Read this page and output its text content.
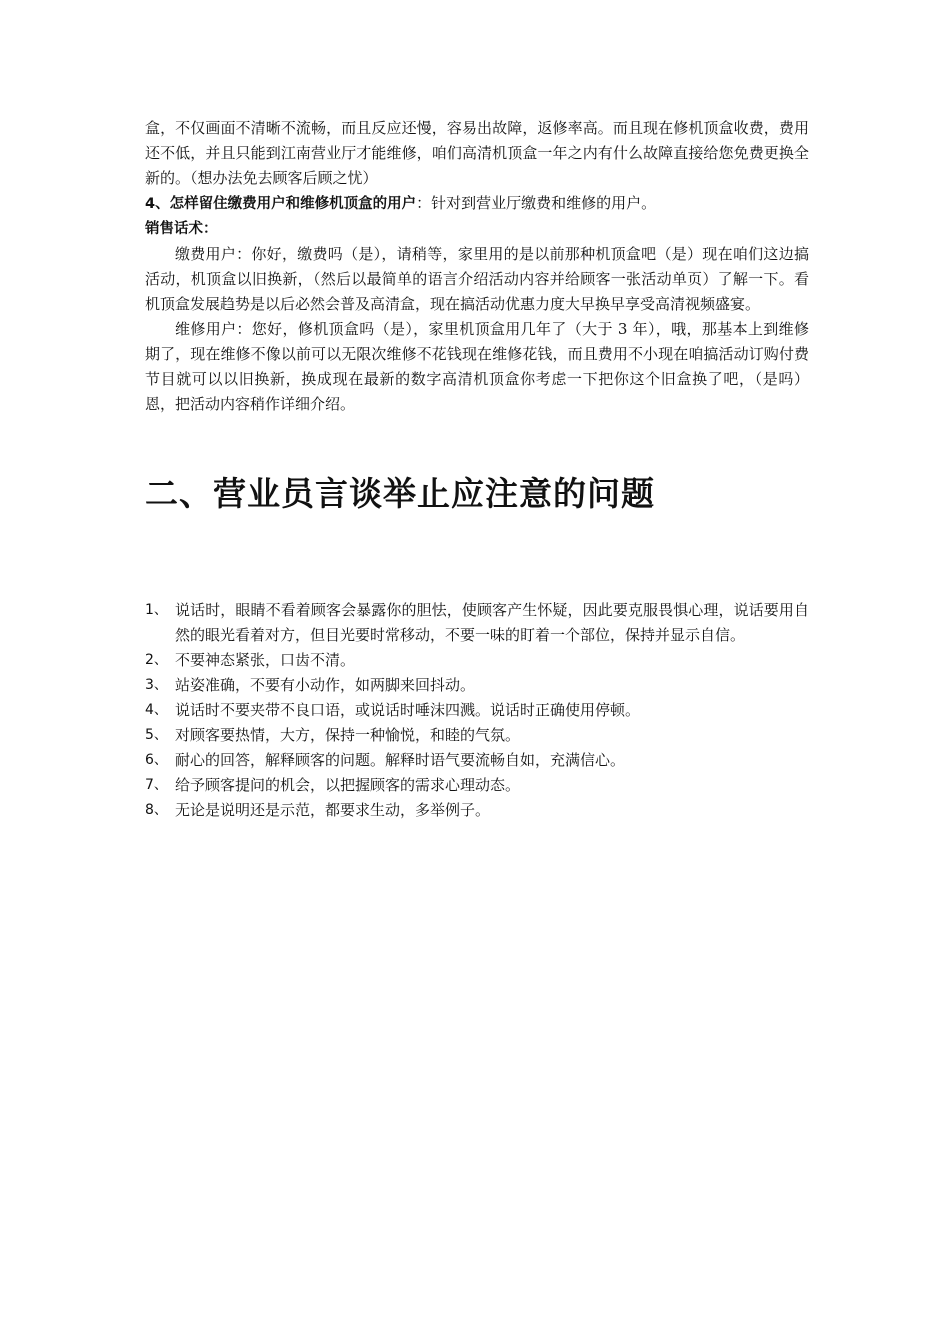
盒，不仅画面不清晰不流畅，而且反应还慢，容易出故障，返修率高。而且现在修机顶盒收费，费用还不低，并且只能到江南营业厅才能维修，咱们高清机顶盒一年之内有什么故障直接给您免费更换全新的。（想办法免去顾客后顾之忧）

4、怎样留住缴费用户和维修机顶盒的用户：针对到营业厅缴费和维修的用户。

销售话术：

缴费用户：你好，缴费吗（是），请稍等，家里用的是以前那种机顶盒吧（是）现在咱们这边搞活动，机顶盒以旧换新，（然后以最简单的语言介绍活动内容并给顾客一张活动单页）了解一下。看机顶盒发展趋势是以后必然会普及高清盒，现在搞活动优惠力度大早换早享受高清视频盛宴。

维修用户：您好，修机顶盒吗（是），家里机顶盒用几年了（大于 3 年），哦，那基本上到维修期了，现在维修不像以前可以无限次维修不花钱现在维修花钱，而且费用不小现在咱搞活动订购付费节目就可以以旧换新，换成现在最新的数字高清机顶盒你考虑一下把你这个旧盒换了吧，（是吗）恩，把活动内容稍作详细介绍。

二、营业员言谈举止应注意的问题
1、 说话时，眼睛不看着顾客会暴露你的胆怯，使顾客产生怀疑，因此要克服畏惧心理，说话要用自然的眼光看着对方，但目光要时常移动，不要一味的盯着一个部位，保持并显示自信。
2、 不要神态紧张，口齿不清。
3、 站姿准确，不要有小动作，如两脚来回抖动。
4、 说话时不要夹带不良口语，或说话时唾沫四溅。说话时正确使用停顿。
5、 对顾客要热情，大方，保持一种愉悦，和睦的气氛。
6、 耐心的回答，解释顾客的问题。解释时语气要流畅自如，充满信心。
7、 给予顾客提问的机会，以把握顾客的需求心理动态。
8、 无论是说明还是示范，都要求生动，多举例子。
